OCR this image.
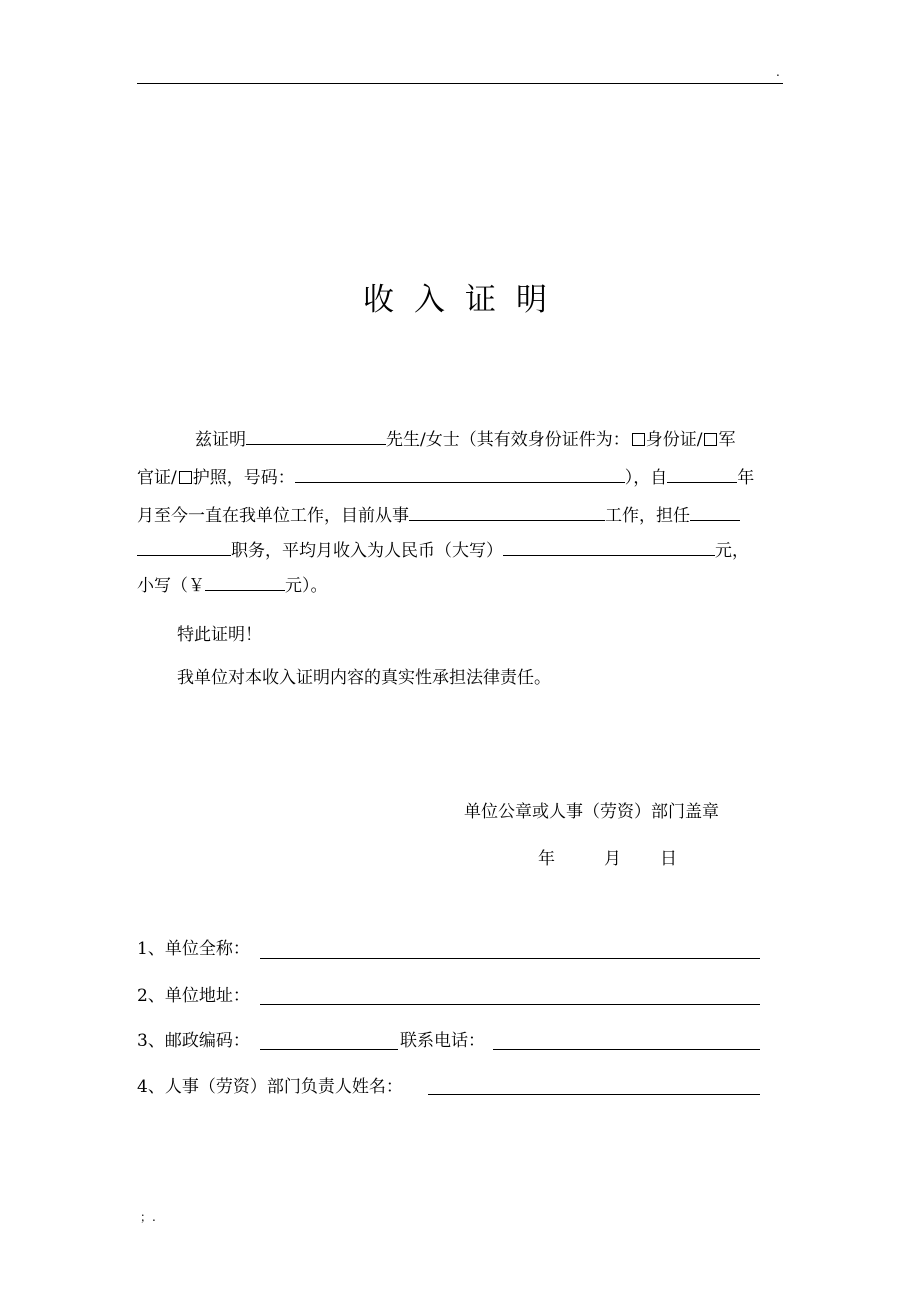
.
收入证明
兹证明	先生/女士（其有效身份证件为： 身份证/ 军
官证/ 护照，号码：	），自	年
月至今一直在我单位工作，目前从事	工作，担任
职务，平均月收入为人民币（大写）	元，
小写（￥	元）。
特此证明！
我单位对本收入证明内容的真实性承担法律责任。
单位公章或人事（劳资）部门盖章
年	月 日
1、单位全称：
2、单位地址：
3、邮政编码：	联系电话：
4、人事（劳资）部门负责人姓名：
；.
